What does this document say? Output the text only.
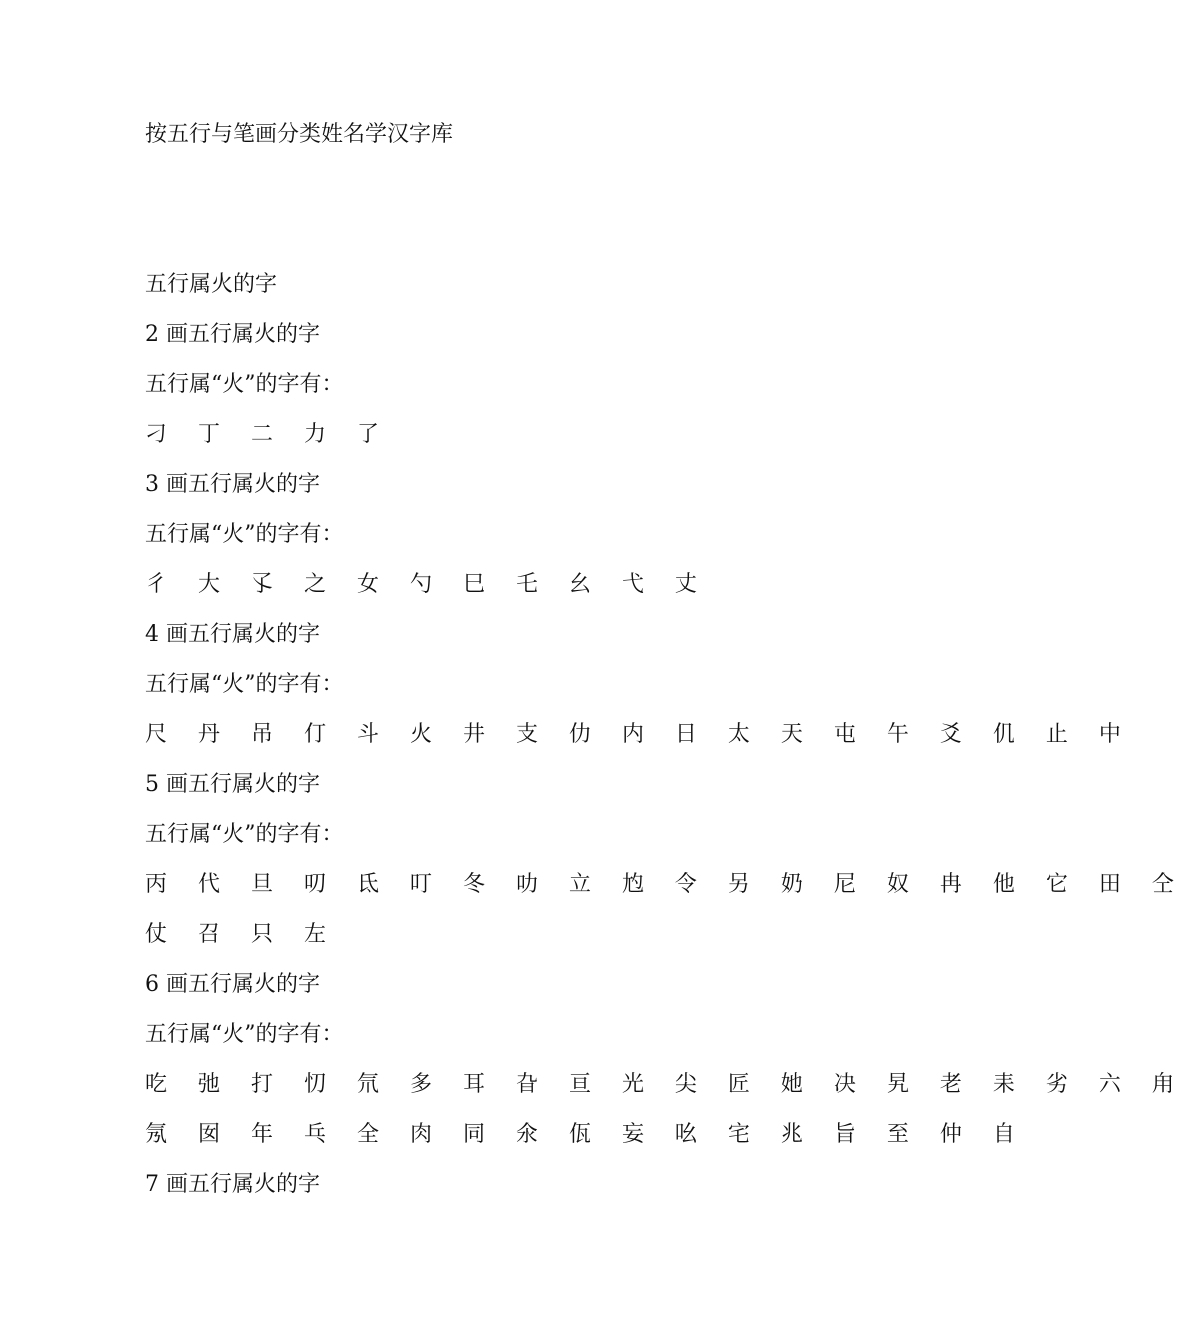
按五行与笔画分类姓名学汉字库
五行属火的字
2 画五行属火的字
五行属“火”的字有：
刁 丁 二 力 了
3 画五行属火的字
五行属“火”的字有：
彳 大 孓 之 女 勺 巳 乇 幺 弋 丈
4 画五行属火的字
五行属“火”的字有：
尺 丹 吊 仃 斗 火 井 支 仂 内 日 太 天 屯 午 爻 仉 止 中
5 画五行属火的字
五行属“火”的字有：
丙 代 旦 叨 氐 叮 冬 叻 立 尥 令 另 奶 尼 奴 冉 他 它 田 仝
仗 召 只 左
6 画五行属火的字
五行属“火”的字有：
吃 弛 打 忉 氘 多 耳 旮 亘 光 尖 匠 她 决 旯 老 耒 劣 六 甪
氖 囡 年 乓 全 肉 同 氽 佤 妄 吆 宅 兆 旨 至 仲 自
7 画五行属火的字
